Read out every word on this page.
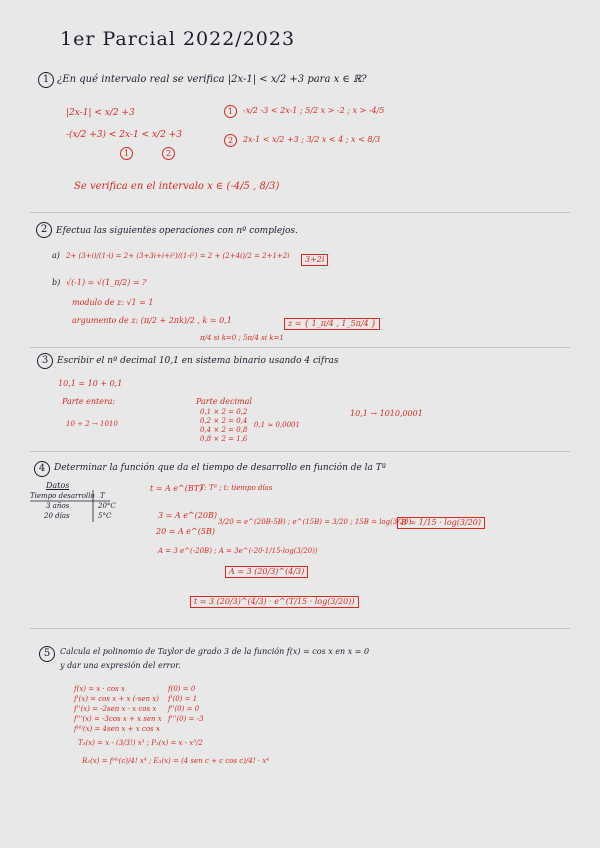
1er Parcial 2022/2023
1 ¿En qué intervalo real se verifica |2x-1| < x/2 +3 para x ∈ ℝ?
|2x-1| < x/2 +3
-(x/2 +3) < 2x-1 < x/2 +3
1	2
1	-x/2 -3 < 2x-1 ; 5/2 x > -2 ; x > -4/5
2	2x-1 < x/2 +3 ; 3/2 x < 4 ; x < 8/3
Se verifica en el intervalo x ∈ (-4/5 , 8/3)
2 Efectua las siguientes operaciones con nº complejos.
a) 2+ (3+i)/(1-i) = 2+ (3+3i+i+i²)/(1-i²) = 2 + (2+4i)/2 = 2+1+2i	3+2i
b) √(-1) = √(1_π/2) = ?
modulo de z: √1 = 1
argumento de z: (π/2 + 2πk)/2 , k = 0,1
π/4 si k=0 ; 5π/4 si k=1
z = { 1_π/4 , 1_5π/4 }
3 Escribir el nº decimal 10,1 en sistema binario usando 4 cifras
10,1 = 10 + 0,1
Parte entera:
10 ÷ 2 → 1010
Parte decimal
0,1 × 2 = 0,2
0,2 × 2 = 0,4
0,4 × 2 = 0,8
0,8 × 2 = 1,6
0,1 ≈ 0,0001
10,1 → 1010,0001
4 Determinar la función que da el tiempo de desarrollo en función de la Tª
Datos
Tiempo desarrollo T
3 años	20°C
20 días	5°C
t = A e^(BT)
T: Tª ; t: tiempo días
3 = A e^(20B)
20 = A e^(5B)
3/20 = e^(20B-5B) ; e^(15B) = 3/20 ; 15B = log(3/20)
B = 1/15 · log(3/20)
A = 3 e^(-20B) ; A = 3e^(-20·1/15·log(3/20))
A = 3 (20/3)^(4/3)
t = 3 (20/3)^(4/3) · e^(T/15 · log(3/20))
5	Calcula el polinomio de Taylor de grado 3 de la función f(x) = cos x en x = 0
y dar una expresión del error.
f(x) = x · cos x
f'(x) = cos x + x (-sen x)
f''(x) = -2sen x - x cos x
f'''(x) = -3cos x + x sen x
f⁽⁴⁾(x) = 4sen x + x cos x
f(0) = 0
f'(0) = 1
f''(0) = 0
f'''(0) = -3
T₃(x) = x - (3/3!) x³ ; P₃(x) = x - x³/2
R₃(x) = f⁽⁴⁾(c)/4! x⁴ ; E₃(x) = (4 sen c + c cos c)/4! · x⁴
